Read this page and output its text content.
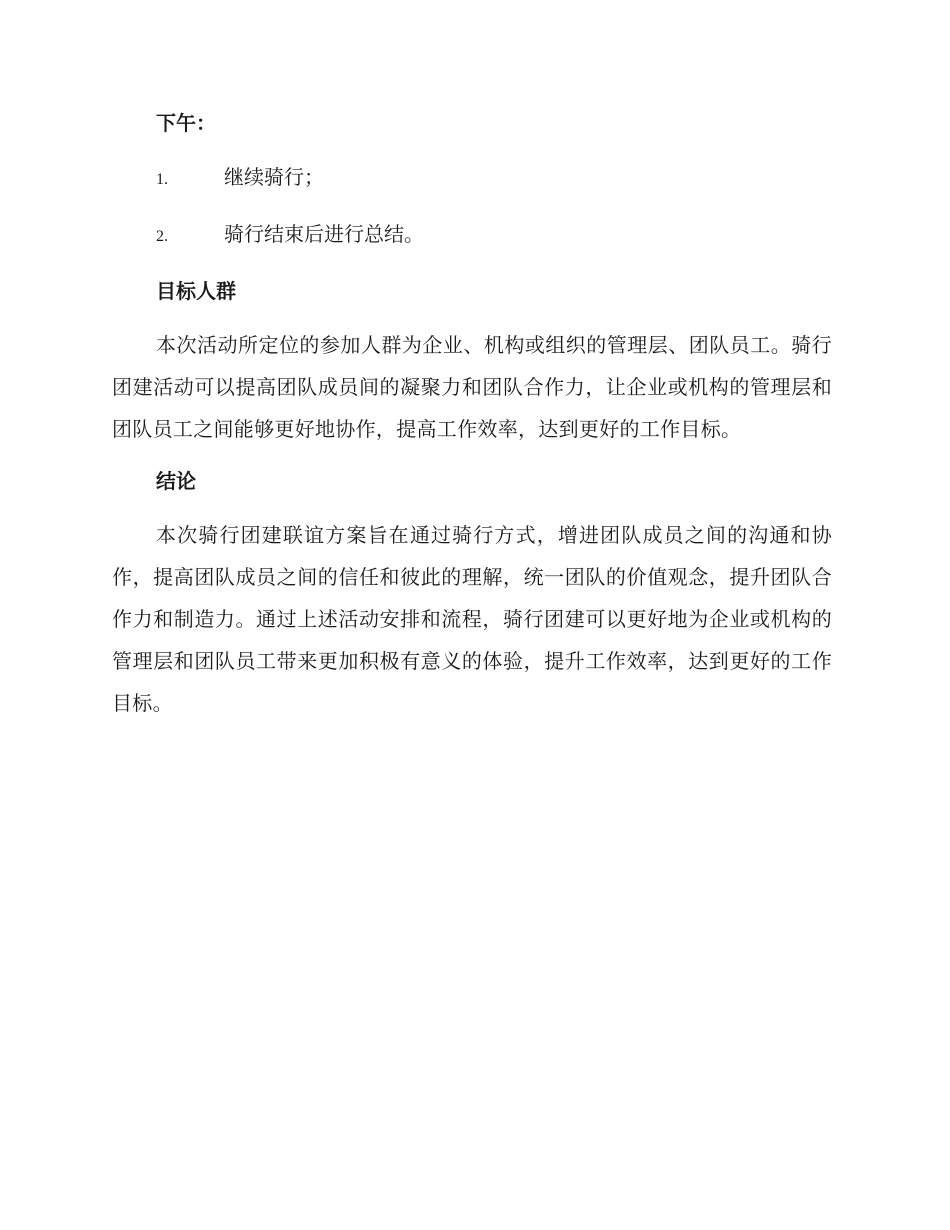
下午：
1.	继续骑行；
2.	骑行结束后进行总结。
目标人群

本次活动所定位的参加人群为企业、机构或组织的管理层、团队员工。骑行团建活动可以提高团队成员间的凝聚力和团队合作力，让企业或机构的管理层和团队员工之间能够更好地协作，提高工作效率，达到更好的工作目标。

结论

本次骑行团建联谊方案旨在通过骑行方式，增进团队成员之间的沟通和协作，提高团队成员之间的信任和彼此的理解，统一团队的价值观念，提升团队合作力和制造力。通过上述活动安排和流程，骑行团建可以更好地为企业或机构的管理层和团队员工带来更加积极有意义的体验，提升工作效率，达到更好的工作目标。
